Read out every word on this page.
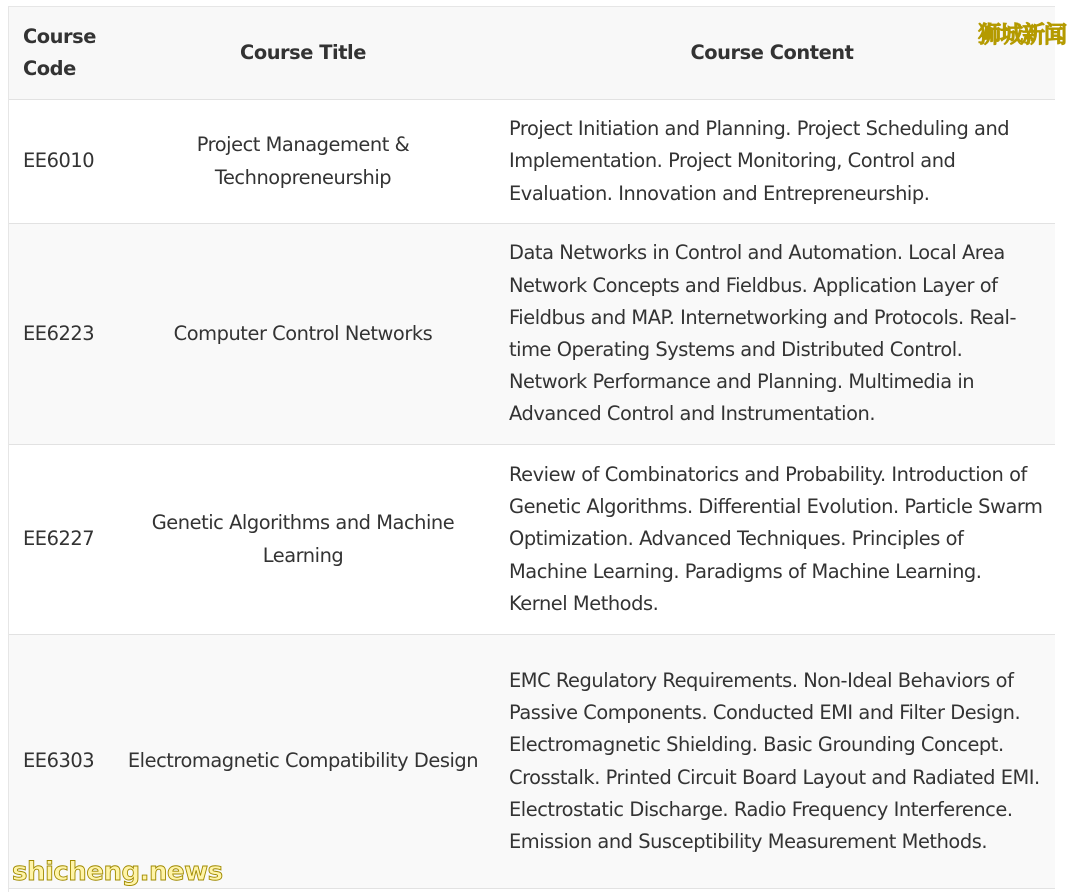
Course Code	Course Title	Course Content
EE6010	Project Management & Technopreneurship	Project Initiation and Planning. Project Scheduling and Implementation. Project Monitoring, Control and Evaluation. Innovation and Entrepreneurship.
EE6223	Computer Control Networks	Data Networks in Control and Automation. Local Area Network Concepts and Fieldbus. Application Layer of Fieldbus and MAP. Internetworking and Protocols. Real-time Operating Systems and Distributed Control. Network Performance and Planning. Multimedia in Advanced Control and Instrumentation.
EE6227	Genetic Algorithms and Machine Learning	Review of Combinatorics and Probability. Introduction of Genetic Algorithms. Differential Evolution. Particle Swarm Optimization. Advanced Techniques. Principles of Machine Learning. Paradigms of Machine Learning. Kernel Methods.
EE6303	Electromagnetic Compatibility Design	EMC Regulatory Requirements. Non-Ideal Behaviors of Passive Components. Conducted EMI and Filter Design. Electromagnetic Shielding. Basic Grounding Concept. Crosstalk. Printed Circuit Board Layout and Radiated EMI. Electrostatic Discharge. Radio Frequency Interference. Emission and Susceptibility Measurement Methods.
狮城新闻
shicheng.news
